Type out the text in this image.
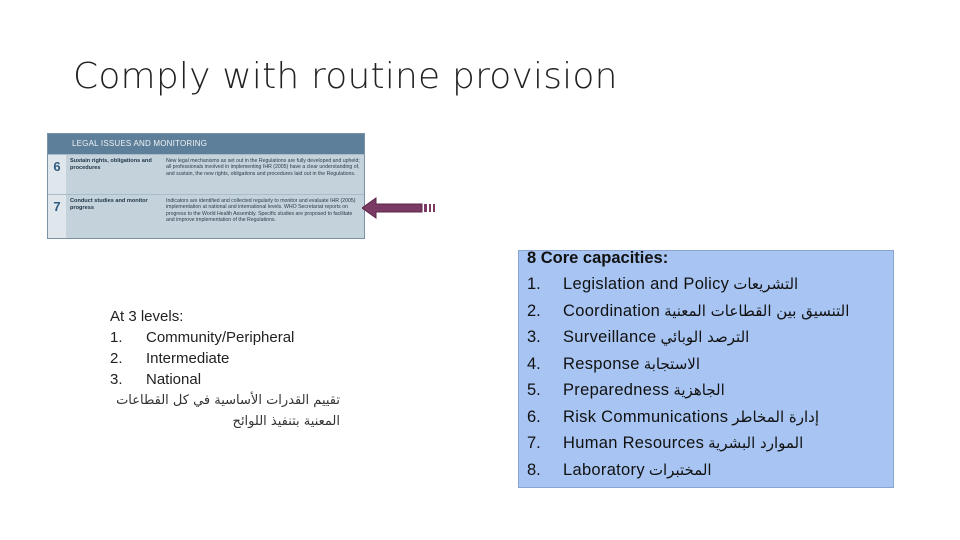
Comply with routine provision
LEGAL ISSUES AND MONITORING
6	Sustain rights, obligations and procedures
New legal mechanisms as set out in the Regulations are fully developed and upheld; all professionals involved in implementing IHR (2005) have a clear understanding of, and sustain, the new rights, obligations and procedures laid out in the Regulations.
7	Conduct studies and monitor progress
Indicators are identified and collected regularly to monitor and evaluate IHR (2005) implementation at national and international levels. WHO Secretariat reports on progress to the World Health Assembly. Specific studies are proposed to facilitate and improve implementation of the Regulations.
At 3 levels:
1.	Community/Peripheral
2.	Intermediate
3.	National
تقييم القدرات الأساسية في كل القطاعات
المعنية بتنفيذ اللوائح
8 Core capacities:
1.	Legislation and Policy التشريعات
2.	Coordination التنسيق بين القطاعات المعنية
3.	Surveillance الترصد الوبائي
4.	Response الاستجابة
5.	Preparedness الجاهزية
6.	Risk Communications إدارة المخاطر
7.	Human Resources الموارد البشرية
8.	Laboratory المختبرات
